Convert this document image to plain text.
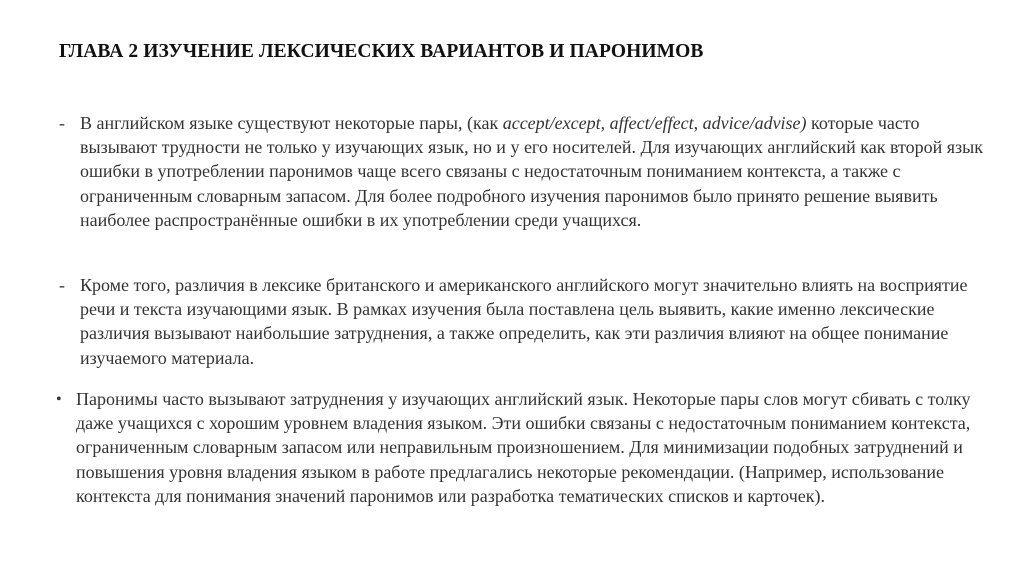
ГЛАВА 2 ИЗУЧЕНИЕ ЛЕКСИЧЕСКИХ ВАРИАНТОВ И ПАРОНИМОВ
- В английском языке существуют некоторые пары, (как accept/except, affect/effect, advice/advise) которые часто вызывают трудности не только у изучающих язык, но и у его носителей. Для изучающих английский как второй язык ошибки в употреблении паронимов чаще всего связаны с недостаточным пониманием контекста, а также с ограниченным словарным запасом. Для более подробного изучения паронимов было принято решение выявить наиболее распространённые ошибки в их употреблении среди учащихся.
- Кроме того, различия в лексике британского и американского английского могут значительно влиять на восприятие речи и текста изучающими язык. В рамках изучения была поставлена цель выявить, какие именно лексические различия вызывают наибольшие затруднения, а также определить, как эти различия влияют на общее понимание изучаемого материала.
• Паронимы часто вызывают затруднения у изучающих английский язык. Некоторые пары слов могут сбивать с толку даже учащихся с хорошим уровнем владения языком. Эти ошибки связаны с недостаточным пониманием контекста, ограниченным словарным запасом или неправильным произношением. Для минимизации подобных затруднений и повышения уровня владения языком в работе предлагались некоторые рекомендации. (Например, использование контекста для понимания значений паронимов или разработка тематических списков и карточек).
